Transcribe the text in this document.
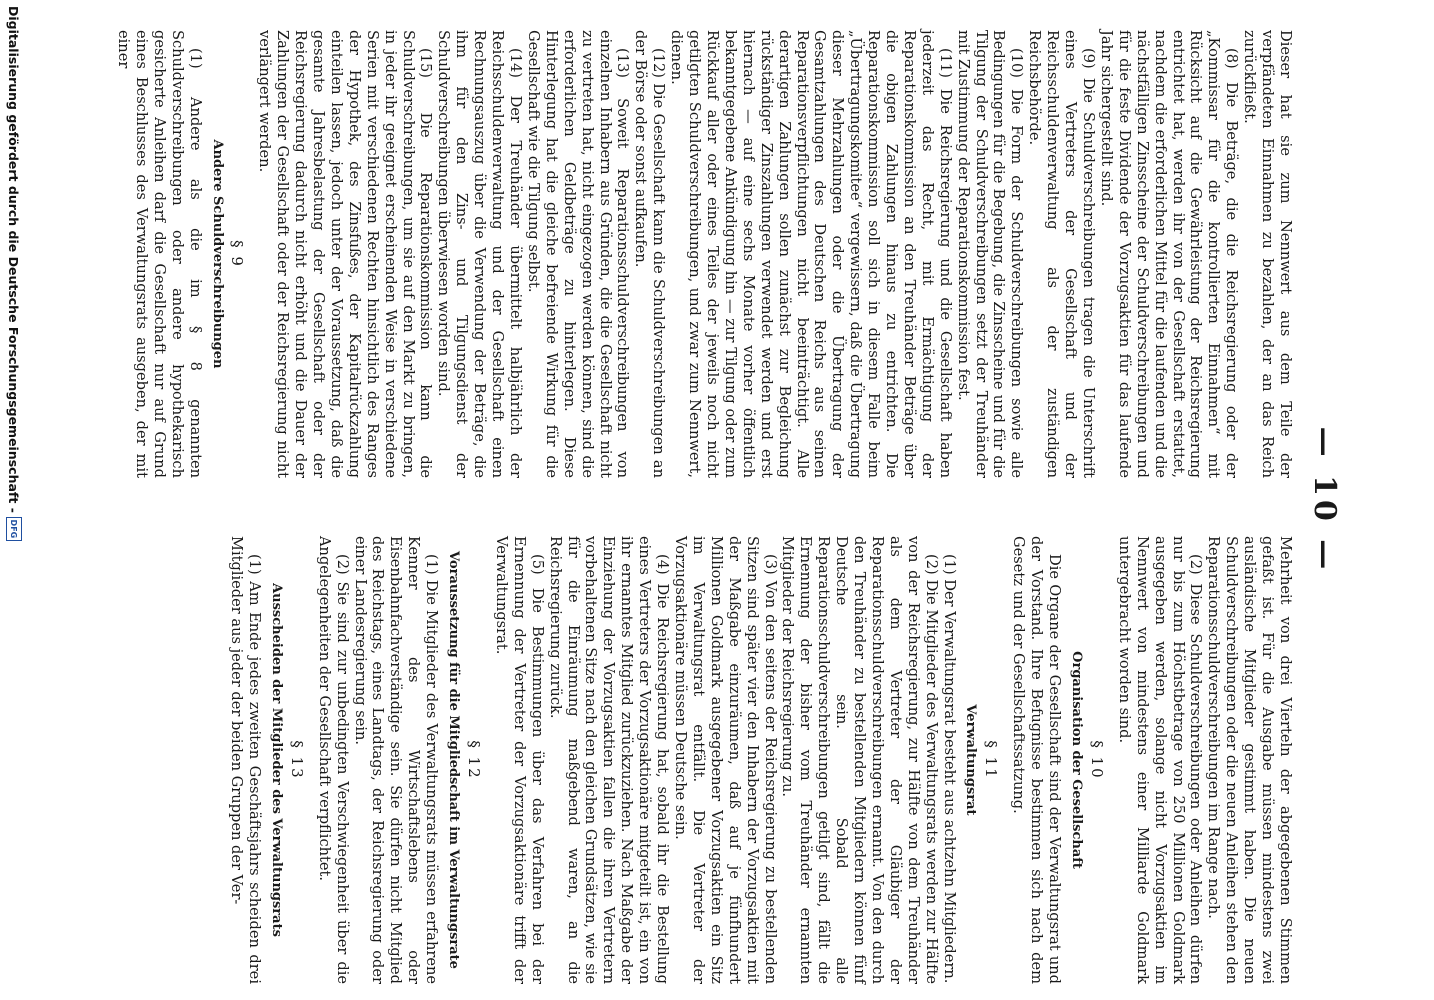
— 10 —

Dieser hat sie zum Nennwert aus dem Teile der verpfändeten Einnahmen zu bezahlen, der an das Reich zurückfließt.

(8) Die Beträge, die die Reichsregierung oder der „Kommissar für die kontrollierten Einnahmen“ mit Rücksicht auf die Gewährleistung der Reichsregierung entrichtet hat, werden ihr von der Gesellschaft erstattet, nachdem die erforderlichen Mittel für die laufenden und die nächstfälligen Zinsscheine der Schuldverschreibungen und für die feste Dividende der Vorzugsaktien für das laufende Jahr sichergestellt sind.

(9) Die Schuldverschreibungen tragen die Unterschrift eines Vertreters der Gesellschaft und der Reichsschuldenverwaltung als der zuständigen Reichsbehörde.

(10) Die Form der Schuldverschreibungen sowie alle Bedingungen für die Begebung, die Zinsscheine und für die Tilgung der Schuldverschreibungen setzt der Treuhänder mit Zustimmung der Reparationskommission fest.

(11) Die Reichsregierung und die Gesellschaft haben jederzeit das Recht, mit Ermächtigung der Reparationskommission an den Treuhänder Beträge über die obigen Zahlungen hinaus zu entrichten. Die Reparationskommission soll sich in diesem Falle beim „Übertragungskomitee“ vergewissern, daß die Übertragung dieser Mehrzahlungen oder die Übertragung der Gesamtzahlungen des Deutschen Reichs aus seinen Reparationsverpflichtungen nicht beeinträchtigt. Alle derartigen Zahlungen sollen zunächst zur Begleichung rückständiger Zinszahlungen verwendet werden und erst hiernach — auf eine sechs Monate vorher öffentlich bekanntgegebene Ankündigung hin — zur Tilgung oder zum Rückkauf aller oder eines Teiles der jeweils noch nicht getilgten Schuldverschreibungen, und zwar zum Nennwert, dienen.

(12) Die Gesellschaft kann die Schuldverschreibungen an der Börse oder sonst aufkaufen.

(13) Soweit Reparationsschuldverschreibungen von einzelnen Inhabern aus Gründen, die die Gesellschaft nicht zu vertreten hat, nicht eingezogen werden können, sind die erforderlichen Geldbeträge zu hinterlegen. Diese Hinterlegung hat die gleiche befreiende Wirkung für die Gesellschaft wie die Tilgung selbst.

(14) Der Treuhänder übermittelt halbjährlich der Reichsschuldenverwaltung und der Gesellschaft einen Rechnungsauszug über die Verwendung der Beträge, die ihm für den Zins- und Tilgungsdienst der Schuldverschreibungen überwiesen worden sind.

(15) Die Reparationskommission kann die Schuldverschreibungen, um sie auf den Markt zu bringen, in jeder ihr geeignet erscheinenden Weise in verschiedene Serien mit verschiedenen Rechten hinsichtlich des Ranges der Hypothek, des Zinsfußes, der Kapitalrückzahlung einteilen lassen, jedoch unter der Voraussetzung, daß die gesamte Jahresbelastung der Gesellschaft oder der Reichsregierung dadurch nicht erhöht und die Dauer der Zahlungen der Gesellschaft oder der Reichsregierung nicht verlängert werden.

§ 9
Andere Schuldverschreibungen

(1) Andere als die im § 8 genannten Schuldverschreibungen oder andere hypothekarisch gesicherte Anleihen darf die Gesellschaft nur auf Grund eines Beschlusses des Verwaltungsrats ausgeben, der mit einer

Mehrheit von drei Vierteln der abgegebenen Stimmen gefaßt ist. Für die Ausgabe müssen mindestens zwei ausländische Mitglieder gestimmt haben. Die neuen Schuldverschreibungen oder die neuen Anleihen stehen den Reparationsschuldverschreibungen im Range nach.

(2) Diese Schuldverschreibungen oder Anleihen dürfen nur bis zum Höchstbetrage von 250 Millionen Goldmark ausgegeben werden, solange nicht Vorzugsaktien im Nennwert von mindestens einer Milliarde Goldmark untergebracht worden sind.

§ 10
Organisation der Gesellschaft

Die Organe der Gesellschaft sind der Verwaltungsrat und der Vorstand. Ihre Befugnisse bestimmen sich nach dem Gesetz und der Gesellschaftssatzung.

§ 11
Verwaltungsrat

(1) Der Verwaltungsrat besteht aus achtzehn Mitgliedern.

(2) Die Mitglieder des Verwaltungsrats werden zur Hälfte von der Reichsregierung, zur Hälfte von dem Treuhänder als dem Vertreter der Gläubiger der Reparationsschuldverschreibungen ernannt. Von den durch den Treuhänder zu bestellenden Mitgliedern können fünf Deutsche sein. Sobald alle Reparationsschuldverschreibungen getilgt sind, fällt die Ernennung der bisher vom Treuhänder ernannten Mitglieder der Reichsregierung zu.

(3) Von den seitens der Reichsregierung zu bestellenden Sitzen sind später vier den Inhabern der Vorzugsaktien mit der Maßgabe einzuräumen, daß auf je fünfhundert Millionen Goldmark ausgegebener Vorzugsaktien ein Sitz im Verwaltungsrat entfällt. Die Vertreter der Vorzugsaktionäre müssen Deutsche sein.

(4) Die Reichsregierung hat, sobald ihr die Bestellung eines Vertreters der Vorzugsaktionäre mitgeteilt ist, ein von ihr ernanntes Mitglied zurückzuziehen. Nach Maßgabe der Einziehung der Vorzugsaktien fallen die ihren Vertretern vorbehaltenen Sitze nach den gleichen Grundsätzen, wie sie für die Einräumung maßgebend waren, an die Reichsregierung zurück.

(5) Die Bestimmungen über das Verfahren bei der Ernennung der Vertreter der Vorzugsaktionäre trifft der Verwaltungsrat.

§ 12
Voraussetzung für die Mitgliedschaft im Verwaltungsrate

(1) Die Mitglieder des Verwaltungsrats müssen erfahrene Kenner des Wirtschaftslebens oder Eisenbahnfachverständige sein. Sie dürfen nicht Mitglied des Reichstags, eines Landtags, der Reichsregierung oder einer Landesregierung sein.

(2) Sie sind zur unbedingten Verschwiegenheit über die Angelegenheiten der Gesellschaft verpflichtet.

§ 13
Ausscheiden der Mitglieder des Verwaltungsrats

(1) Am Ende jedes zweiten Geschäftsjahrs scheiden drei Mitglieder aus jeder der beiden Gruppen der Ver-

Digitalisierung gefördert durch die Deutsche Forschungsgemeinschaft -
DFG
